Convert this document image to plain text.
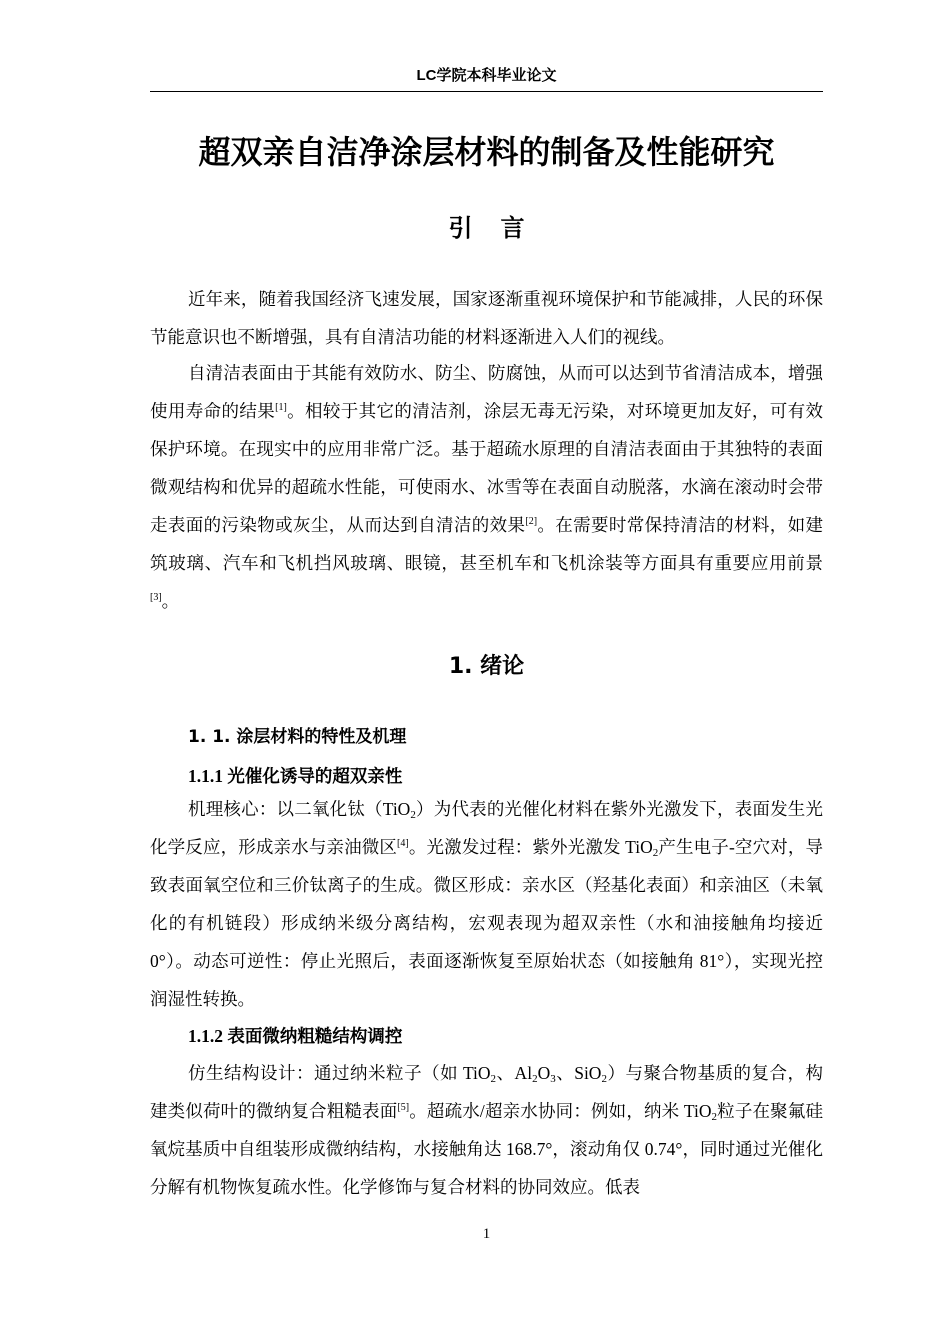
LC学院本科毕业论文
超双亲自洁净涂层材料的制备及性能研究
引言

近年来，随着我国经济飞速发展，国家逐渐重视环境保护和节能减排，人民的环保节能意识也不断增强，具有自清洁功能的材料逐渐进入人们的视线。

自清洁表面由于其能有效防水、防尘、防腐蚀，从而可以达到节省清洁成本，增强使用寿命的结果[1]。相较于其它的清洁剂，涂层无毒无污染，对环境更加友好，可有效保护环境。在现实中的应用非常广泛。基于超疏水原理的自清洁表面由于其独特的表面微观结构和优异的超疏水性能，可使雨水、冰雪等在表面自动脱落，水滴在滚动时会带走表面的污染物或灰尘，从而达到自清洁的效果[2]。在需要时常保持清洁的材料，如建筑玻璃、汽车和飞机挡风玻璃、眼镜，甚至机车和飞机涂装等方面具有重要应用前景[3]。

1. 绪论
1. 1. 涂层材料的特性及机理
1.1.1 光催化诱导的超双亲性

机理核心：以二氧化钛（TiO$_2$）为代表的光催化材料在紫外光激发下，表面发生光化学反应，形成亲水与亲油微区[4]。光激发过程：紫外光激发 TiO$_2$产生电子-空穴对，导致表面氧空位和三价钛离子的生成。微区形成：亲水区（羟基化表面）和亲油区（未氧化的有机链段）形成纳米级分离结构，宏观表现为超双亲性（水和油接触角均接近 0°）。动态可逆性：停止光照后，表面逐渐恢复至原始状态（如接触角 81°），实现光控润湿性转换。

1.1.2 表面微纳粗糙结构调控

仿生结构设计：通过纳米粒子（如 TiO$_2$、$Al_2O_3$、SiO$_2$）与聚合物基质的复合，构建类似荷叶的微纳复合粗糙表面[5]。超疏水/超亲水协同：例如，纳米 TiO$_2$粒子在聚氟硅氧烷基质中自组装形成微纳结构，水接触角达 168.7°，滚动角仅 0.74°，同时通过光催化分解有机物恢复疏水性。化学修饰与复合材料的协同效应。低表

1
